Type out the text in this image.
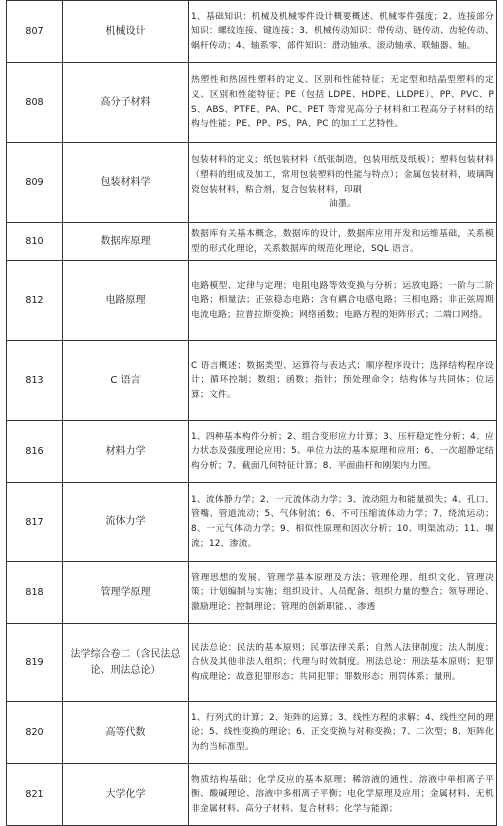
807	机械设计	1、基础知识：机械及机械零件设计概要概述、机械零件强度；2、连接部分知识：螺纹连接、键连接；3、机械传动知识：带传动、链传动、齿轮传动、蜗杆传动；4、轴系零、部件知识：滑动轴承、滚动轴承、联轴器、轴。
808	高分子材料	热塑性和热固性塑料的定义、区别和性能特征；无定型和结晶型塑料的定义、区别和性能特征；PE（包括 LDPE、HDPE、LLDPE）、PP、PVC、PS、ABS、PTFE、PA、PC、PET 等常见高分子材料和工程高分子材料的结构与性能；PE、PP、PS、PA、PC 的加工工艺特性。
809	包装材料学	包装材料的定义；纸包装材料（纸张制造，包装用纸及纸板）；塑料包装材料（塑料的组成及加工，常用包装塑料的性能与特点）；金属包装材料，玻璃陶瓷包装材料，粘合剂，复合包装材料，印刷
油墨。

810	数据库原理	数据库有关基本概念，数据库的设计，数据库应用开发和运维基础，关系模型的形式化理论，关系数据库的规范化理论，SQL 语言。
812	电路原理	电路模型、定律与定理；电阻电路等效变换与分析；运放电路；一阶与二阶电路；相量法；正弦稳态电路；含有耦合电感电路；三相电路；非正弦周期电流电路；拉普拉斯变换；网络函数；电路方程的矩阵形式；二端口网络。
813	C 语言	C 语言概述；数据类型、运算符与表达式；顺序程序设计；选择结构程序设计；循环控制；数组；函数；指针；预处理命令；结构体与共同体；位运算；文件。
816	材料力学	1、四种基本构件分析；2、组合变形应力计算；3、压杆稳定性分析；4、应力状态及强度理论应用；5、单位力法的基本原理和应用；6、一次超静定结构分析；7、截面几何特征计算；8、平面曲杆和刚架内力图。
817	流体力学	1、流体静力学；2、一元流体动力学；3、流动阻力和能量损失；4、孔口、管嘴、管道流动；5、气体射流；6、不可压缩流体动力学；7、绕流运动；8、一元气体动力学；9、相似性原理和因次分析；10、明渠流动；11、堰流；12、渗流。
818	管理学原理	管理思想的发展、管理学基本原理及方法；管理伦理、组织文化、管理决策；计划编制与实施；组织设计、人员配备、组织力量的整合；领导理论、激励理论；控制理论；管理的创新职能、、渗透
819	法学综合卷二（含民法总论、刑法总论）	民法总论：民法的基本原则；民事法律关系；自然人法律制度；法人制度；合伙及其他非法人组织；代理与时效制度。刑法总论：刑法基本原则；犯罪构成理论；故意犯罪形态；共同犯罪；罪数形态；刑罚体系；量刑。
820	高等代数	1、行列式的计算；2、矩阵的运算；3、线性方程的求解；4、线性空间的理论；5、线性变换的理论；6、正交变换与对称变换；7、二次型；8、矩阵化为约当标准型。
821	大学化学	物质结构基础；化学反应的基本原理；稀溶液的通性、溶液中单相离子平衡、酸碱理论、溶液中多相离子平衡；电化学原理及应用；金属材料、无机非金属材料、高分子材料、复合材料；化学与能源；
